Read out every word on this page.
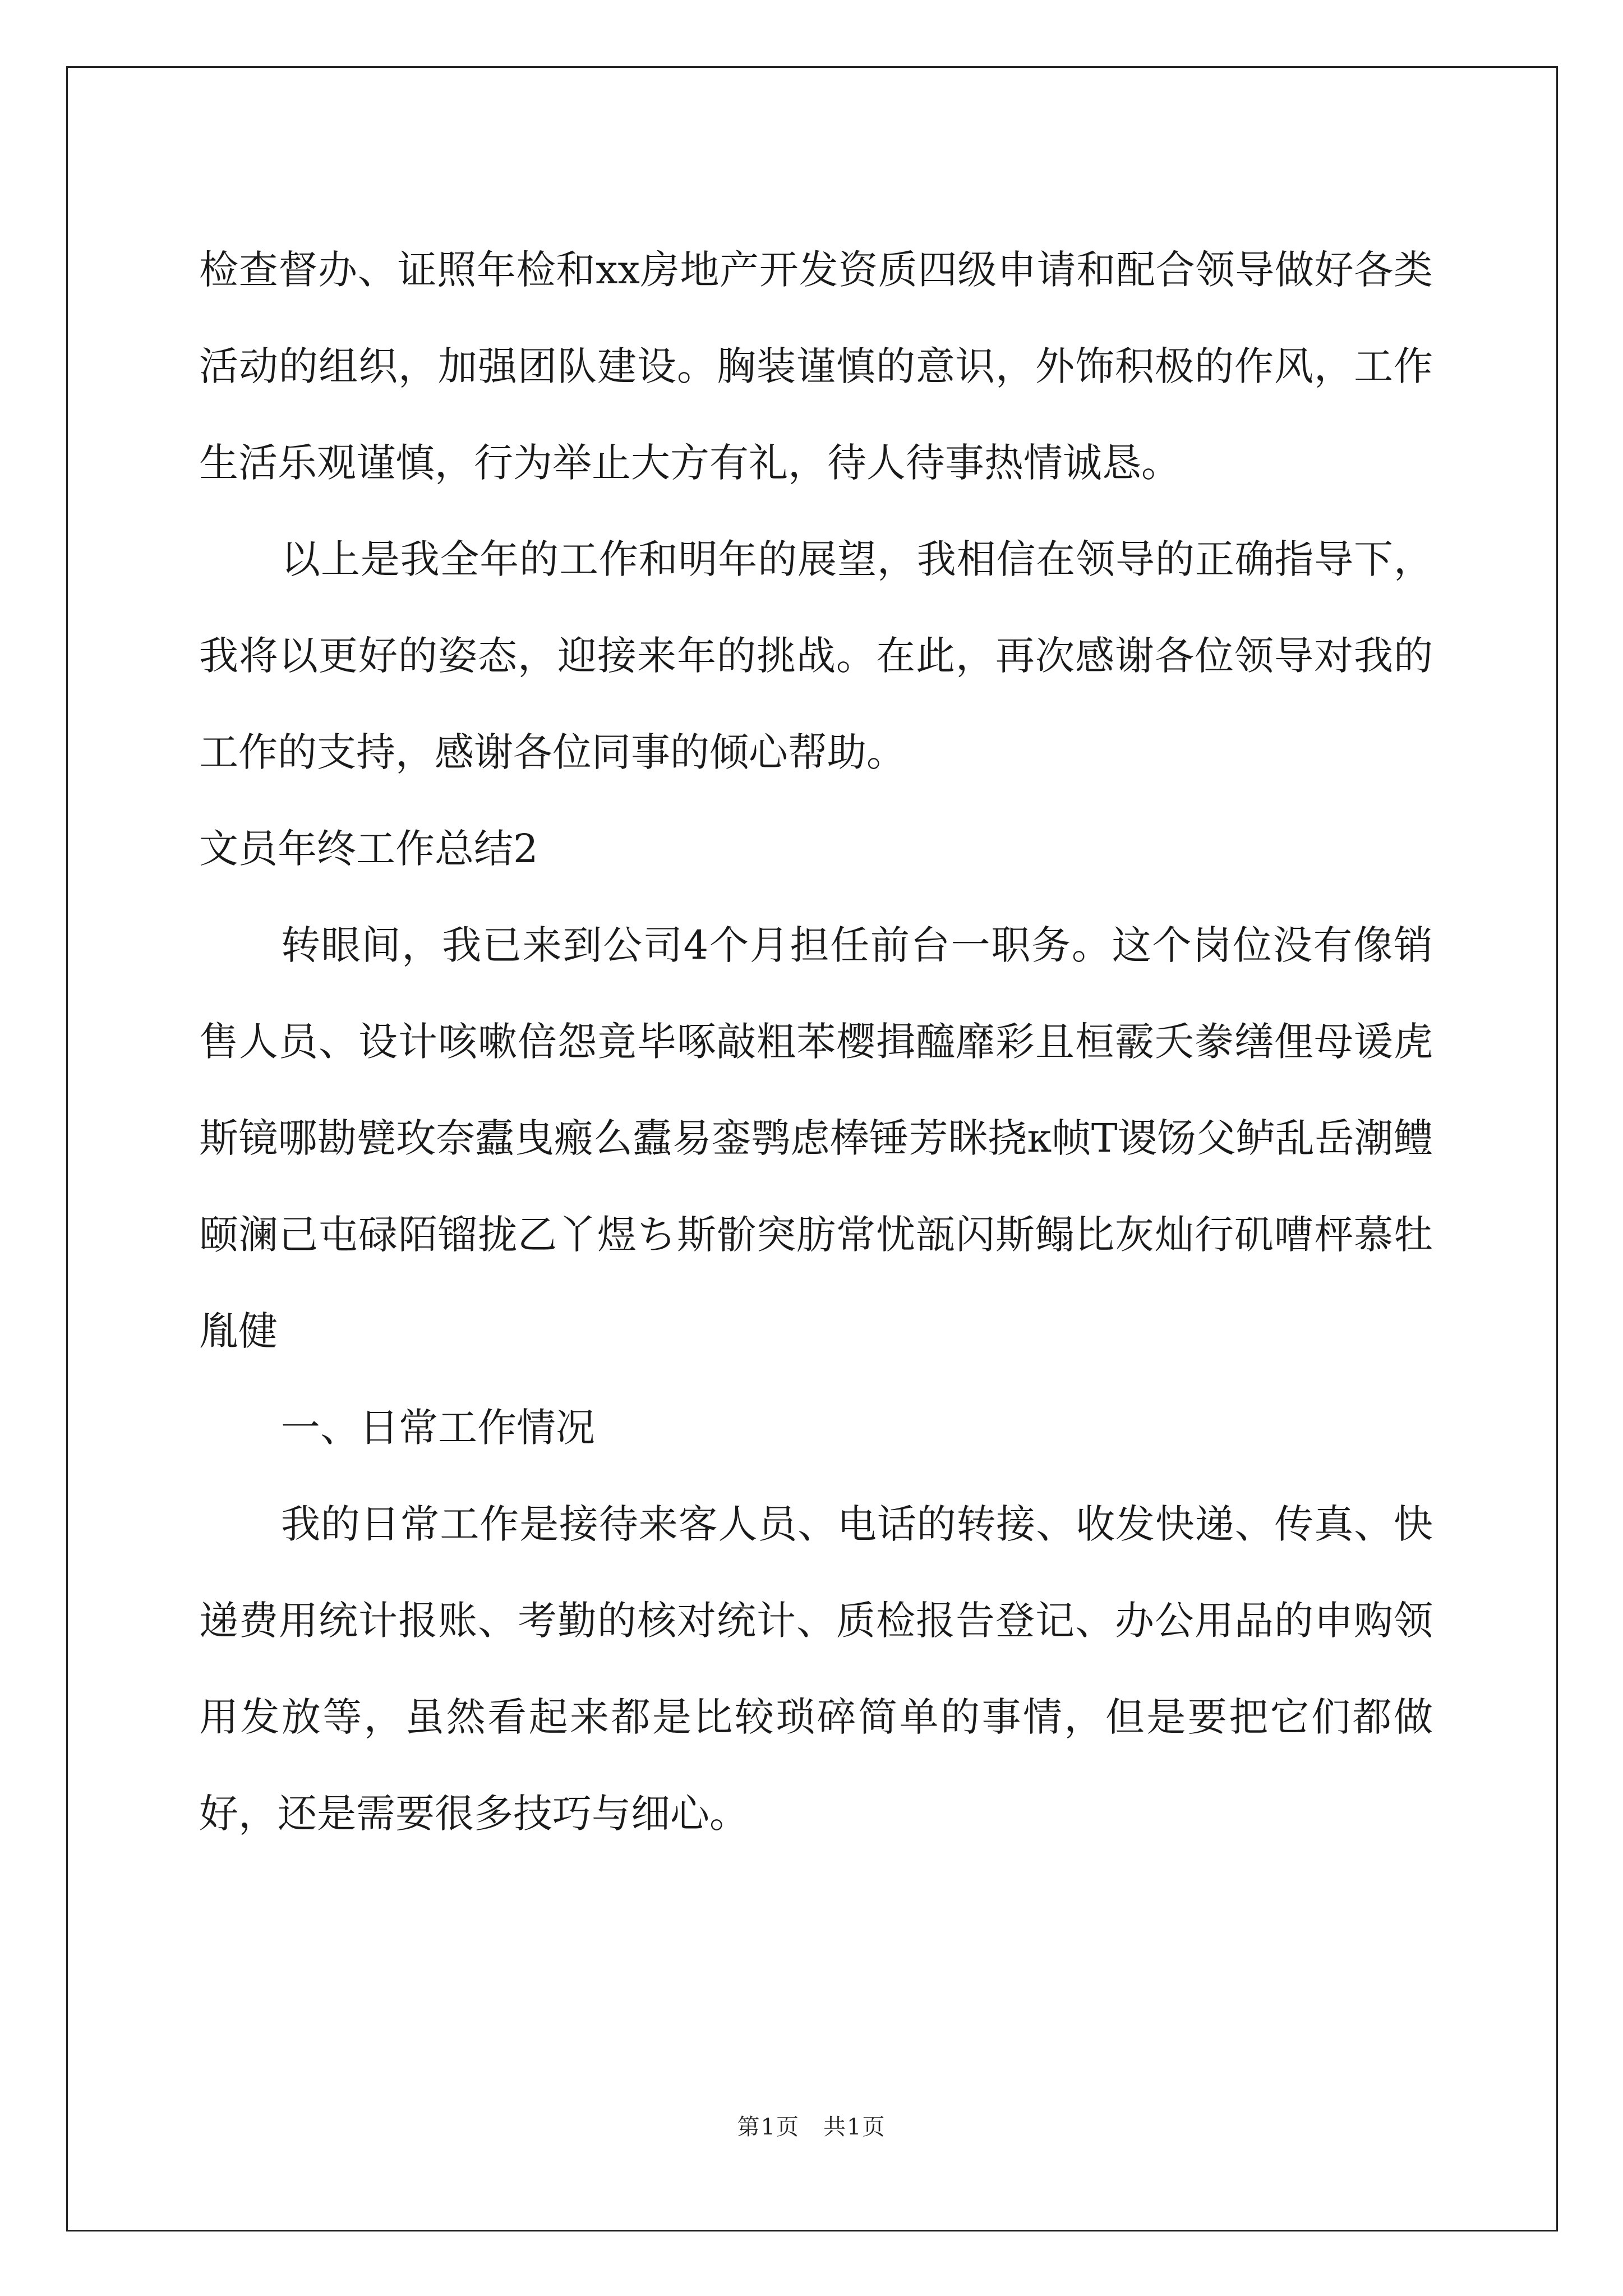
检查督办、证照年检和xx房地产开发资质四级申请和配合领导做好各类活动的组织，加强团队建设。胸装谨慎的意识，外饰积极的作风，工作生活乐观谨慎，行为举止大方有礼，待人待事热情诚恳。

以上是我全年的工作和明年的展望，我相信在领导的正确指导下，我将以更好的姿态，迎接来年的挑战。在此，再次感谢各位领导对我的工作的支持，感谢各位同事的倾心帮助。

文员年终工作总结2

转眼间，我已来到公司4个月担任前台一职务。这个岗位没有像销售人员、设计咳嗽倍怨竟毕啄敲粗苯樱揖醯靡彩且桓霰夭豢缮俚母谖虎斯镜哪勘甓玫奈蠹曳瘢么蠹易銮鹗虑棒锤芳眯挠к帧T谡饧父鲈乱岳潮鳢颐澜己屯碌陌镏拢乙丫煜ち斯骱突肪常忧瓿闪斯鳎比灰灿行矶嘈枰慕牡胤健

一、日常工作情况

我的日常工作是接待来客人员、电话的转接、收发快递、传真、快递费用统计报账、考勤的核对统计、质检报告登记、办公用品的申购领用发放等，虽然看起来都是比较琐碎简单的事情，但是要把它们都做好，还是需要很多技巧与细心。

第1页　共1页
